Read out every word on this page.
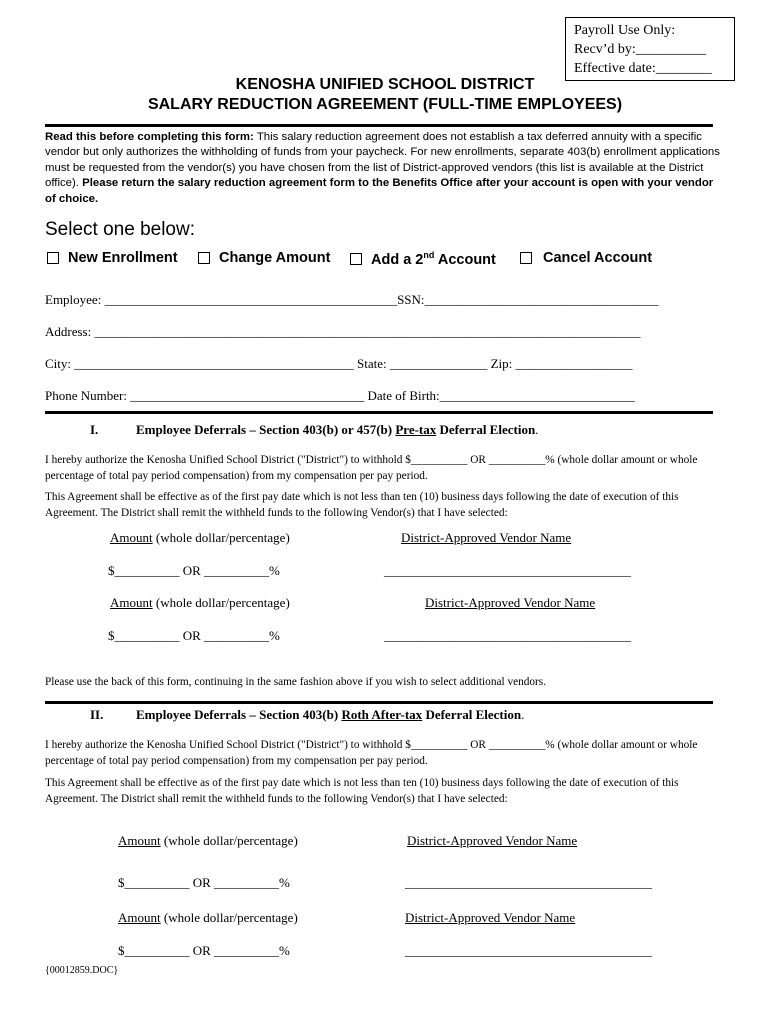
Payroll Use Only:
Recv’d by:__________
Effective date:________
KENOSHA UNIFIED SCHOOL DISTRICT
SALARY REDUCTION AGREEMENT (FULL-TIME EMPLOYEES)
Read this before completing this form: This salary reduction agreement does not establish a tax deferred annuity with a specific vendor but only authorizes the withholding of funds from your paycheck. For new enrollments, separate 403(b) enrollment applications must be requested from the vendor(s) you have chosen from the list of District-approved vendors (this list is available at the District office). Please return the salary reduction agreement form to the Benefits Office after your account is open with your vendor of choice.
Select one below:
New Enrollment	Change Amount	Add a 2nd Account	Cancel Account
Employee: _____________________________________________SSN:____________________________________
Address: ____________________________________________________________________________________
City: ___________________________________________ State: _______________ Zip: __________________
Phone Number: ____________________________________ Date of Birth:______________________________
I.	Employee Deferrals – Section 403(b) or 457(b) Pre-tax Deferral Election.
I hereby authorize the Kenosha Unified School District ("District") to withhold $__________ OR __________% (whole dollar amount or whole percentage of total pay period compensation) from my compensation per pay period.
This Agreement shall be effective as of the first pay date which is not less than ten (10) business days following the date of execution of this Agreement. The District shall remit the withheld funds to the following Vendor(s) that I have selected:
Amount (whole dollar/percentage)	District-Approved Vendor Name
$__________ OR __________%	______________________________________
Amount (whole dollar/percentage)	District-Approved Vendor Name
$__________ OR __________%	______________________________________
Please use the back of this form, continuing in the same fashion above if you wish to select additional vendors.
II.	Employee Deferrals – Section 403(b) Roth After-tax Deferral Election.
I hereby authorize the Kenosha Unified School District ("District") to withhold $__________ OR __________% (whole dollar amount or whole percentage of total pay period compensation) from my compensation per pay period.
This Agreement shall be effective as of the first pay date which is not less than ten (10) business days following the date of execution of this Agreement. The District shall remit the withheld funds to the following Vendor(s) that I have selected:
Amount (whole dollar/percentage)	District-Approved Vendor Name
$__________ OR __________%	______________________________________
Amount (whole dollar/percentage)	District-Approved Vendor Name
$__________ OR __________%	______________________________________
{00012859.DOC}
